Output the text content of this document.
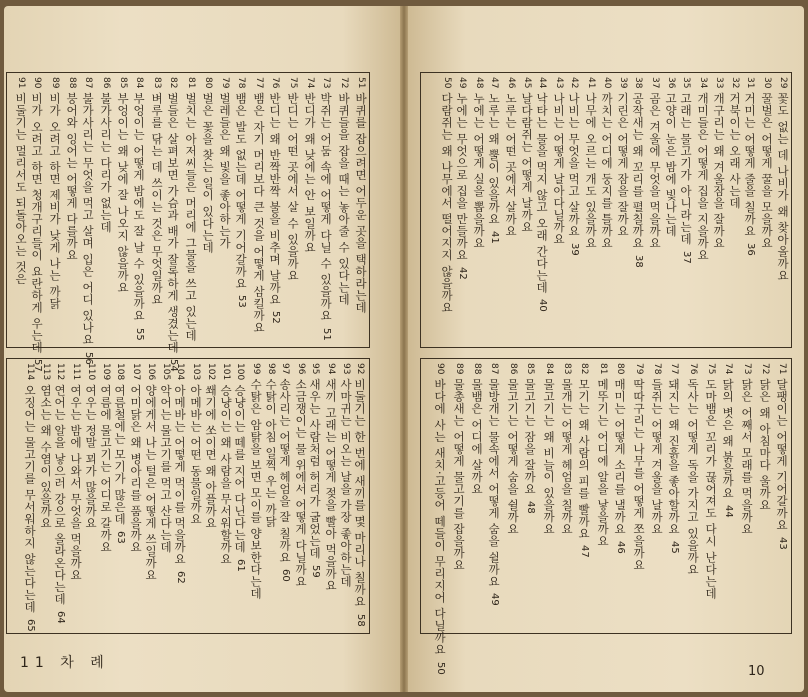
51 바퀴를 잡으려면 어두운 곳을 택하라는데
72 바퀴들을 잡을 때는 놓아줄 수 있다는데
73 박쥐는 어둠 속에 어떻게 다닐 수 있을까요51
74 반디가 왜 낮에는 안 보일까요
75 반디는 어떤 곳에서 살 수 있을까요
76 반디는 왜 반짝반짝 불을 비추며 날까요52
77 뱀은 자기 머리보다 큰 것을 어떻게 삼킬까요
78 뱀은 발도 없는데 어떻게 기어갈까요53
79 벌레들은 왜 빛을 좋아하는가
80 벌은 꽃을 찾는 일이 있다는데
81 벌치는 아저씨들은 머리에 그물을 쓰고 있는데
82 벌들은 살펴보면 가슴과 배가 잘록하게 생겼는데54
83 벼루를 닦는 데 쓰이는 것은 무엇일까요
84 부엉이는 어떻게 밤에도 잘 날 수 있을까요55
85 부엉이는 왜 낮에 잘 나오지 않을까요
86 불가사리는 다리가 없는데
87 불가사리는 무엇을 먹고 살며 입은 어디 있나요56
88 붕어와 잉어는 어떻게 다를까요
89 비가 오려고 하면 제비가 낮게 나는 까닭
90 비가 오려고 하면 청개구리들이 요란하게 우는데57
91 비둘기는 멀리서도 되돌아오는 것은
92 비둘기는 한 번에 새끼를 몇 마리나 칠까요58
93 사마귀는 비오는 날을 가장 좋아하는데
94 새끼 고래는 어떻게 젖을 빨아 먹을까요
95 새우는 사람처럼 허리가 굽었는데59
96 소금쟁이는 물 위에서 어떻게 다닐까요
97 송사리는 어떻게 헤엄을 잘 칠까요60
98 수탉이 아침 일찍 우는 까닭
99 수탉은 암탉을 보면 모이를 양보한다는데
100 승냥이는 떼를 지어 다닌다는데61
101 승냥이는 왜 사람을 무서워할까요
102 쐐기에 쏘이면 왜 아플까요
103 아메바는 어떤 동물일까요
104 아메바는 어떻게 먹이를 먹을까요62
105 악어는 물고기를 먹고 산다는데
106 양에게서 나는 털은 어떻게 쓰일까요
107 어미닭은 왜 병아리를 품을까요
108 여름철에는 모기가 많은데63
109 여름에 물고기는 어디로 갈까요
110 여우는 정말 꾀가 많을까요
111 여우는 밤에 나와서 무엇을 먹을까요
112 연어는 알을 낳으러 강으로 올라온다는데64
113 염소는 왜 수염이 있을까요
114 오징어는 물고기를 무서워하지 않는다는데65
29 꽃도 없는 데 나비가 왜 찾아올까요
30 꿀벌은 어떻게 꿀을 모을까요
31 거미는 어떻게 줄을 칠까요36
32 거북이는 오래 사는데
33 개구리는 왜 겨울잠을 잘까요
34 개미들은 어떻게 집을 지을까요
35 고래는 물고기가 아니라는데37
36 고양이 눈은 밤에 빛나는데
37 곰은 겨울에 무엇을 먹을까요
38 공작새는 왜 꼬리를 펼칠까요38
39 기린은 어떻게 잠을 잘까요
40 까치는 어디에 둥지를 틀까요
41 나무에 오르는 개도 있을까요
42 나비는 무엇을 먹고 살까요39
43 나비는 어떻게 날아다닐까요
44 낙타는 물을 먹지 않고 오래 간다는데40
45 날다람쥐는 어떻게 날까요
46 노루는 어떤 곳에서 살까요
47 노루는 왜 뿔이 있을까요41
48 누에는 어떻게 실을 뽑을까요
49 누에는 무엇으로 집을 만들까요42
50 다람쥐는 왜 나무에서 떨어지지 않을까요
71 달팽이는 어떻게 기어갈까요43
72 닭은 왜 아침마다 울까요
73 닭은 어째서 모래를 먹을까요
74 닭의 볏은 왜 붉을까요44
75 도마뱀은 꼬리가 끊어져도 다시 난다는데
76 독사는 어떻게 독을 가지고 있을까요
77 돼지는 왜 진흙을 좋아할까요45
78 들쥐는 어떻게 겨울을 날까요
79 딱따구리는 나무를 어떻게 쪼을까요
80 매미는 어떻게 소리를 낼까요46
81 메뚜기는 어디에 알을 낳을까요
82 모기는 왜 사람의 피를 빨까요47
83 물개는 어떻게 헤엄을 칠까요
84 물고기는 왜 비늘이 있을까요
85 물고기는 잠을 잘까요48
86 물고기는 어떻게 숨을 쉴까요
87 물방개는 물속에서 어떻게 숨을 쉴까요49
88 물뱀은 어디에 살까요
89 물총새는 어떻게 물고기를 잡을까요
90 바다에 사는 새치·고등어 떼들이 무리지어 다닐까요50
11 차 례
10
